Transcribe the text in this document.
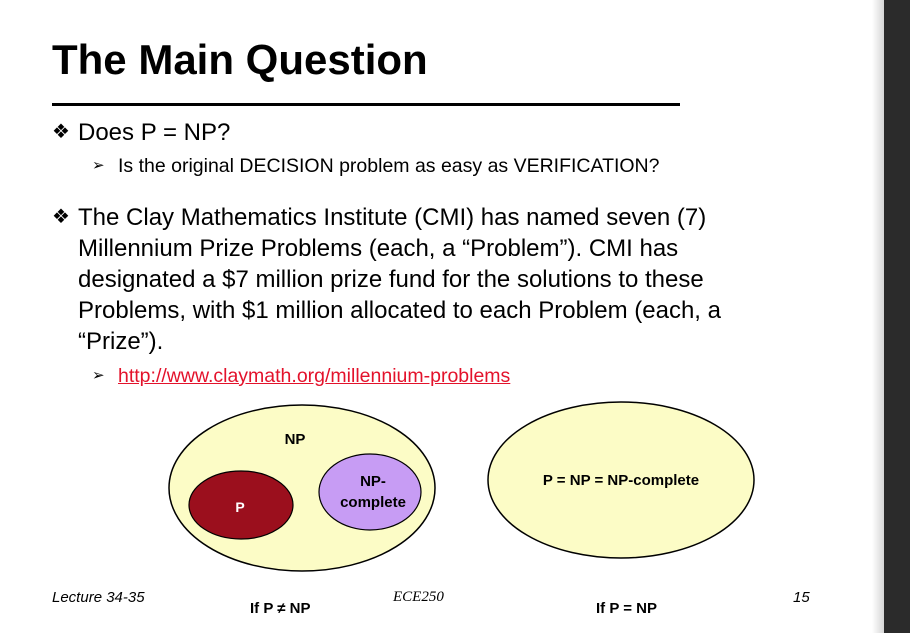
The Main Question
❖ Does P = NP?
➢ Is the original DECISION problem as easy as VERIFICATION?
❖ The Clay Mathematics Institute (CMI) has named seven (7)
Millennium Prize Problems (each, a “Problem”). CMI has
designated a $7 million prize fund for the solutions to these
Problems, with $1 million allocated to each Problem (each, a
“Prize”).
➢ http://www.claymath.org/millennium-problems
NP
P
NP-
complete
P = NP = NP-complete
Lecture 34-35
If P ≠ NP
ECE250
If P = NP
15
